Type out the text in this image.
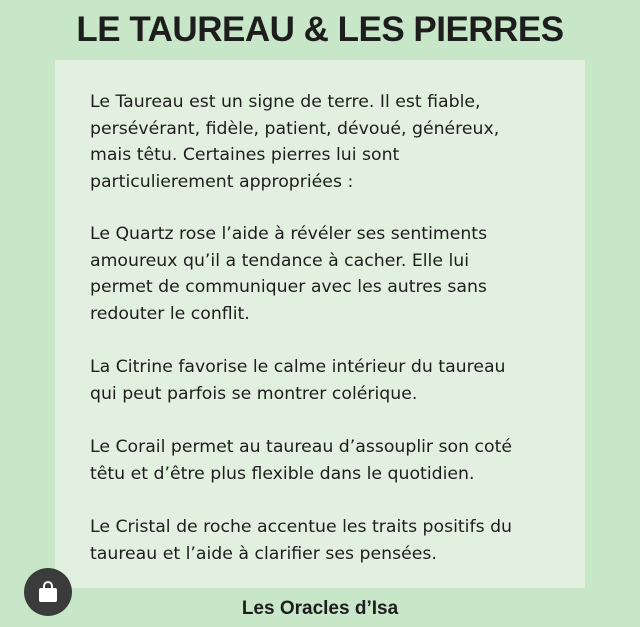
LE TAUREAU & LES PIERRES

Le Taureau est un signe de terre. Il est fiable,
persévérant, fidèle, patient, dévoué, généreux,
mais têtu. Certaines pierres lui sont
particulierement appropriées :

Le Quartz rose l’aide à révéler ses sentiments
amoureux qu’il a tendance à cacher. Elle lui
permet de communiquer avec les autres sans
redouter le conflit.

La Citrine favorise le calme intérieur du taureau
qui peut parfois se montrer colérique.

Le Corail permet au taureau d’assouplir son coté
têtu et d’être plus flexible dans le quotidien.

Le Cristal de roche accentue les traits positifs du
taureau et l’aide à clarifier ses pensées.

Les Oracles d’Isa
